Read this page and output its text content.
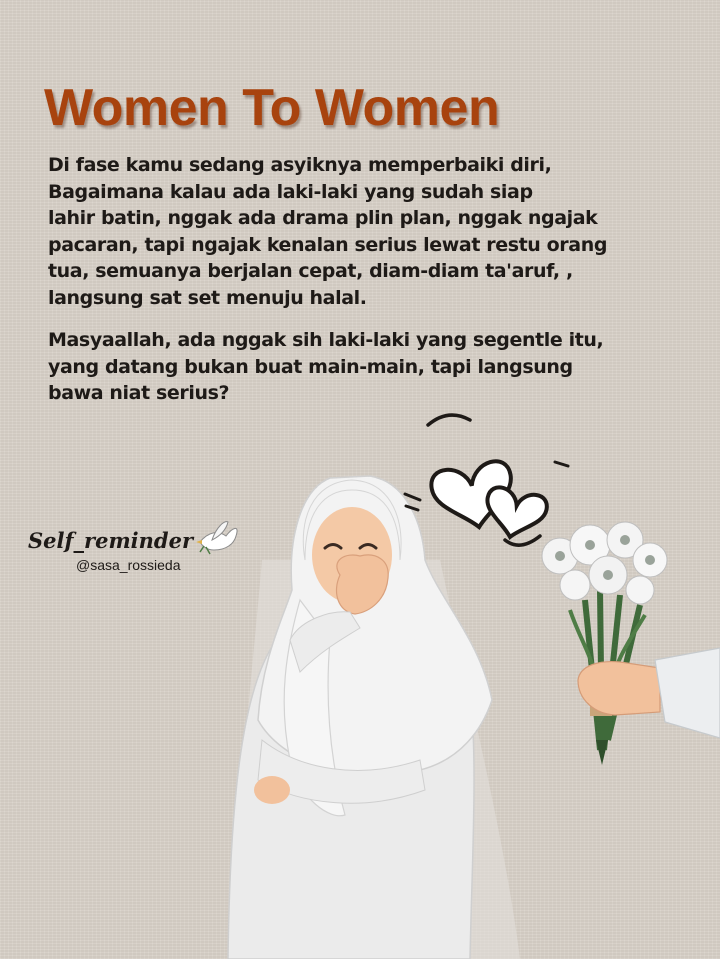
Women To Women

Di fase kamu sedang asyiknya memperbaiki diri,
Bagaimana kalau ada laki-laki yang sudah siap
lahir batin, nggak ada drama plin plan, nggak ngajak
pacaran, tapi ngajak kenalan serius lewat restu orang
tua, semuanya berjalan cepat, diam-diam ta'aruf, ,
langsung sat set menuju halal.

Masyaallah, ada nggak sih laki-laki yang segentle itu,
yang datang bukan buat main-main, tapi langsung
bawa niat serius?

Self_reminder
@sasa_rossieda
